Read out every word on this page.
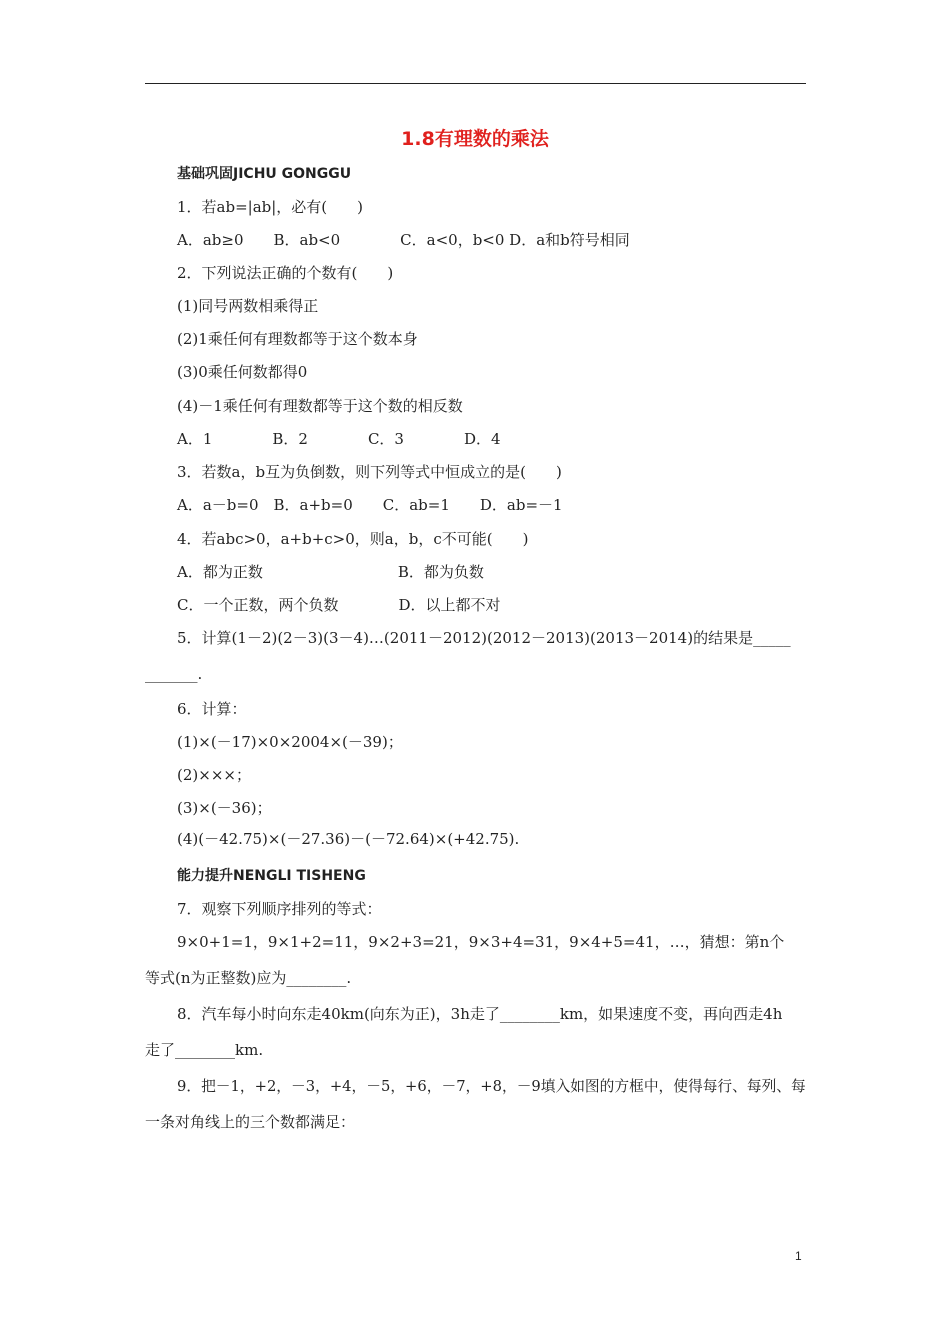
1.8有理数的乘法
基础巩固JICHU GONGGU
1．若ab=|ab|，必有(　　)
A．ab≥0　　B．ab<0　　　　C．a<0，b<0 D．a和b符号相同
2．下列说法正确的个数有(　　)
(1)同号两数相乘得正
(2)1乘任何有理数都等于这个数本身
(3)0乘任何数都得0
(4)－1乘任何有理数都等于这个数的相反数
A．1　　　　B．2　　　　C．3　　　　D．4
3．若数a，b互为负倒数，则下列等式中恒成立的是(　　)
A．a－b=0　B．a+b=0　　C．ab=1　　D．ab=－1
4．若abc>0，a+b+c>0，则a，b，c不可能(　　)
A．都为正数　　　　　　　　　B．都为负数
C．一个正数，两个负数　　　　D．以上都不对
5．计算(1－2)(2－3)(3－4)…(2011－2012)(2012－2013)(2013－2014)的结果是_____
_______.
6．计算：
(1)×(－17)×0×2004×(－39)；
(2)×××；
(3)×(－36)；
(4)(－42.75)×(－27.36)－(－72.64)×(+42.75).
能力提升NENGLI TISHENG
7．观察下列顺序排列的等式：
9×0+1=1，9×1+2=11，9×2+3=21，9×3+4=31，9×4+5=41，…，猜想：第n个
等式(n为正整数)应为________.
8．汽车每小时向东走40km(向东为正)，3h走了________km，如果速度不变，再向西走4h
走了________km.
9．把－1，+2，－3，+4，－5，+6，－7，+8，－9填入如图的方框中，使得每行、每列、每
一条对角线上的三个数都满足：
1
